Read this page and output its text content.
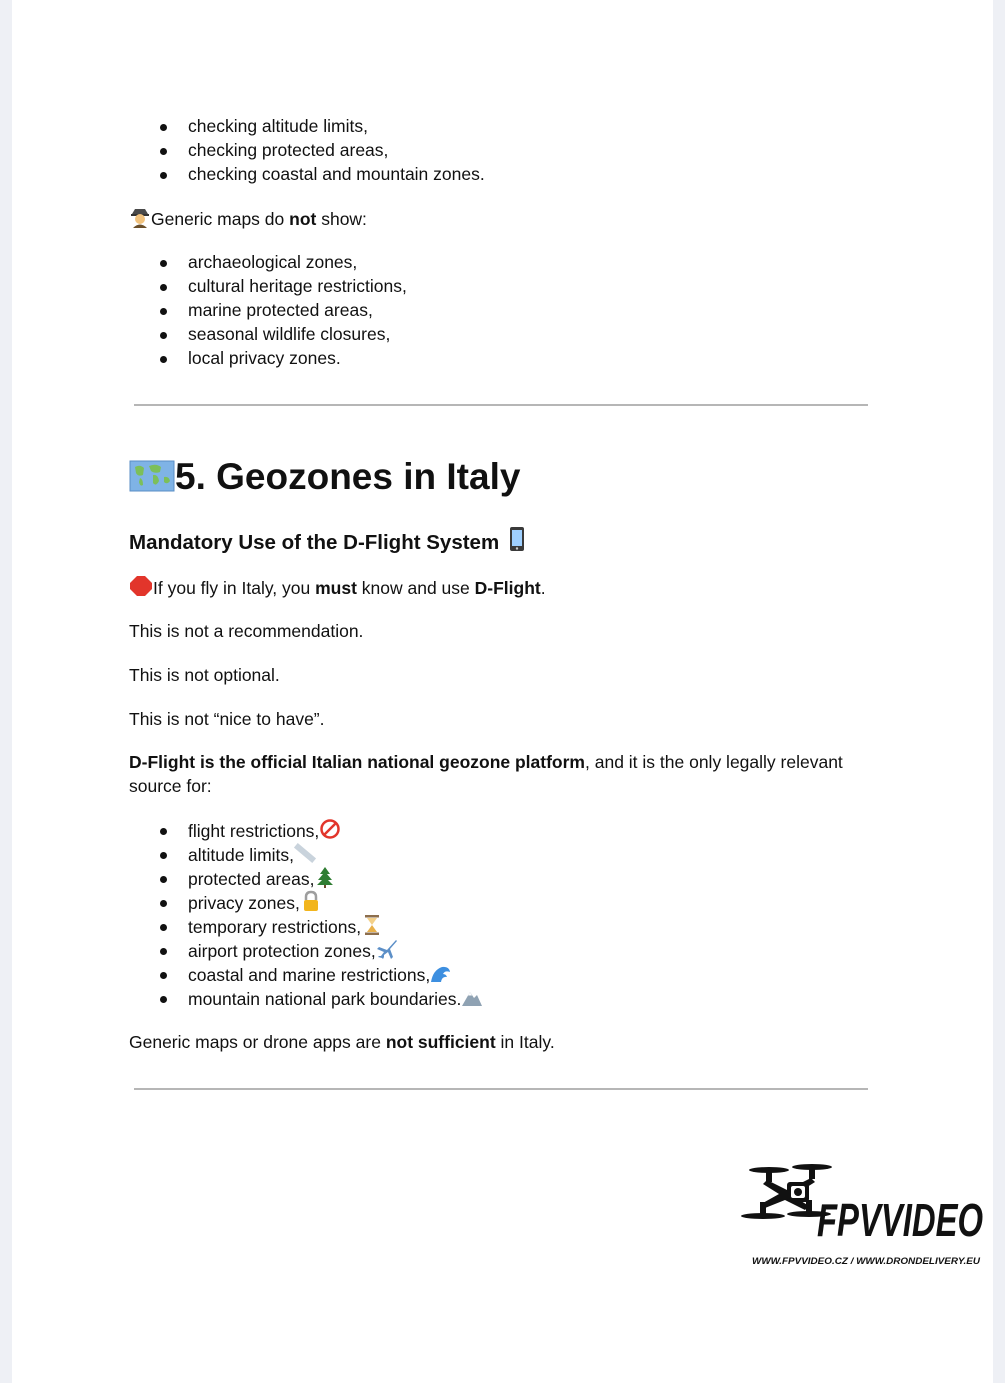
checking altitude limits,
checking protected areas,
checking coastal and mountain zones.
Generic maps do not show:
archaeological zones,
cultural heritage restrictions,
marine protected areas,
seasonal wildlife closures,
local privacy zones.
5. Geozones in Italy
Mandatory Use of the D-Flight System
If you fly in Italy, you must know and use D-Flight.
This is not a recommendation.
This is not optional.
This is not “nice to have”.
D-Flight is the official Italian national geozone platform, and it is the only legally relevant source for:
flight restrictions,
altitude limits,
protected areas,
privacy zones,
temporary restrictions,
airport protection zones,
coastal and marine restrictions,
mountain national park boundaries.
Generic maps or drone apps are not sufficient in Italy.
FPVVIDEO
WWW.FPVVIDEO.CZ / WWW.DRONDELIVERY.EU
